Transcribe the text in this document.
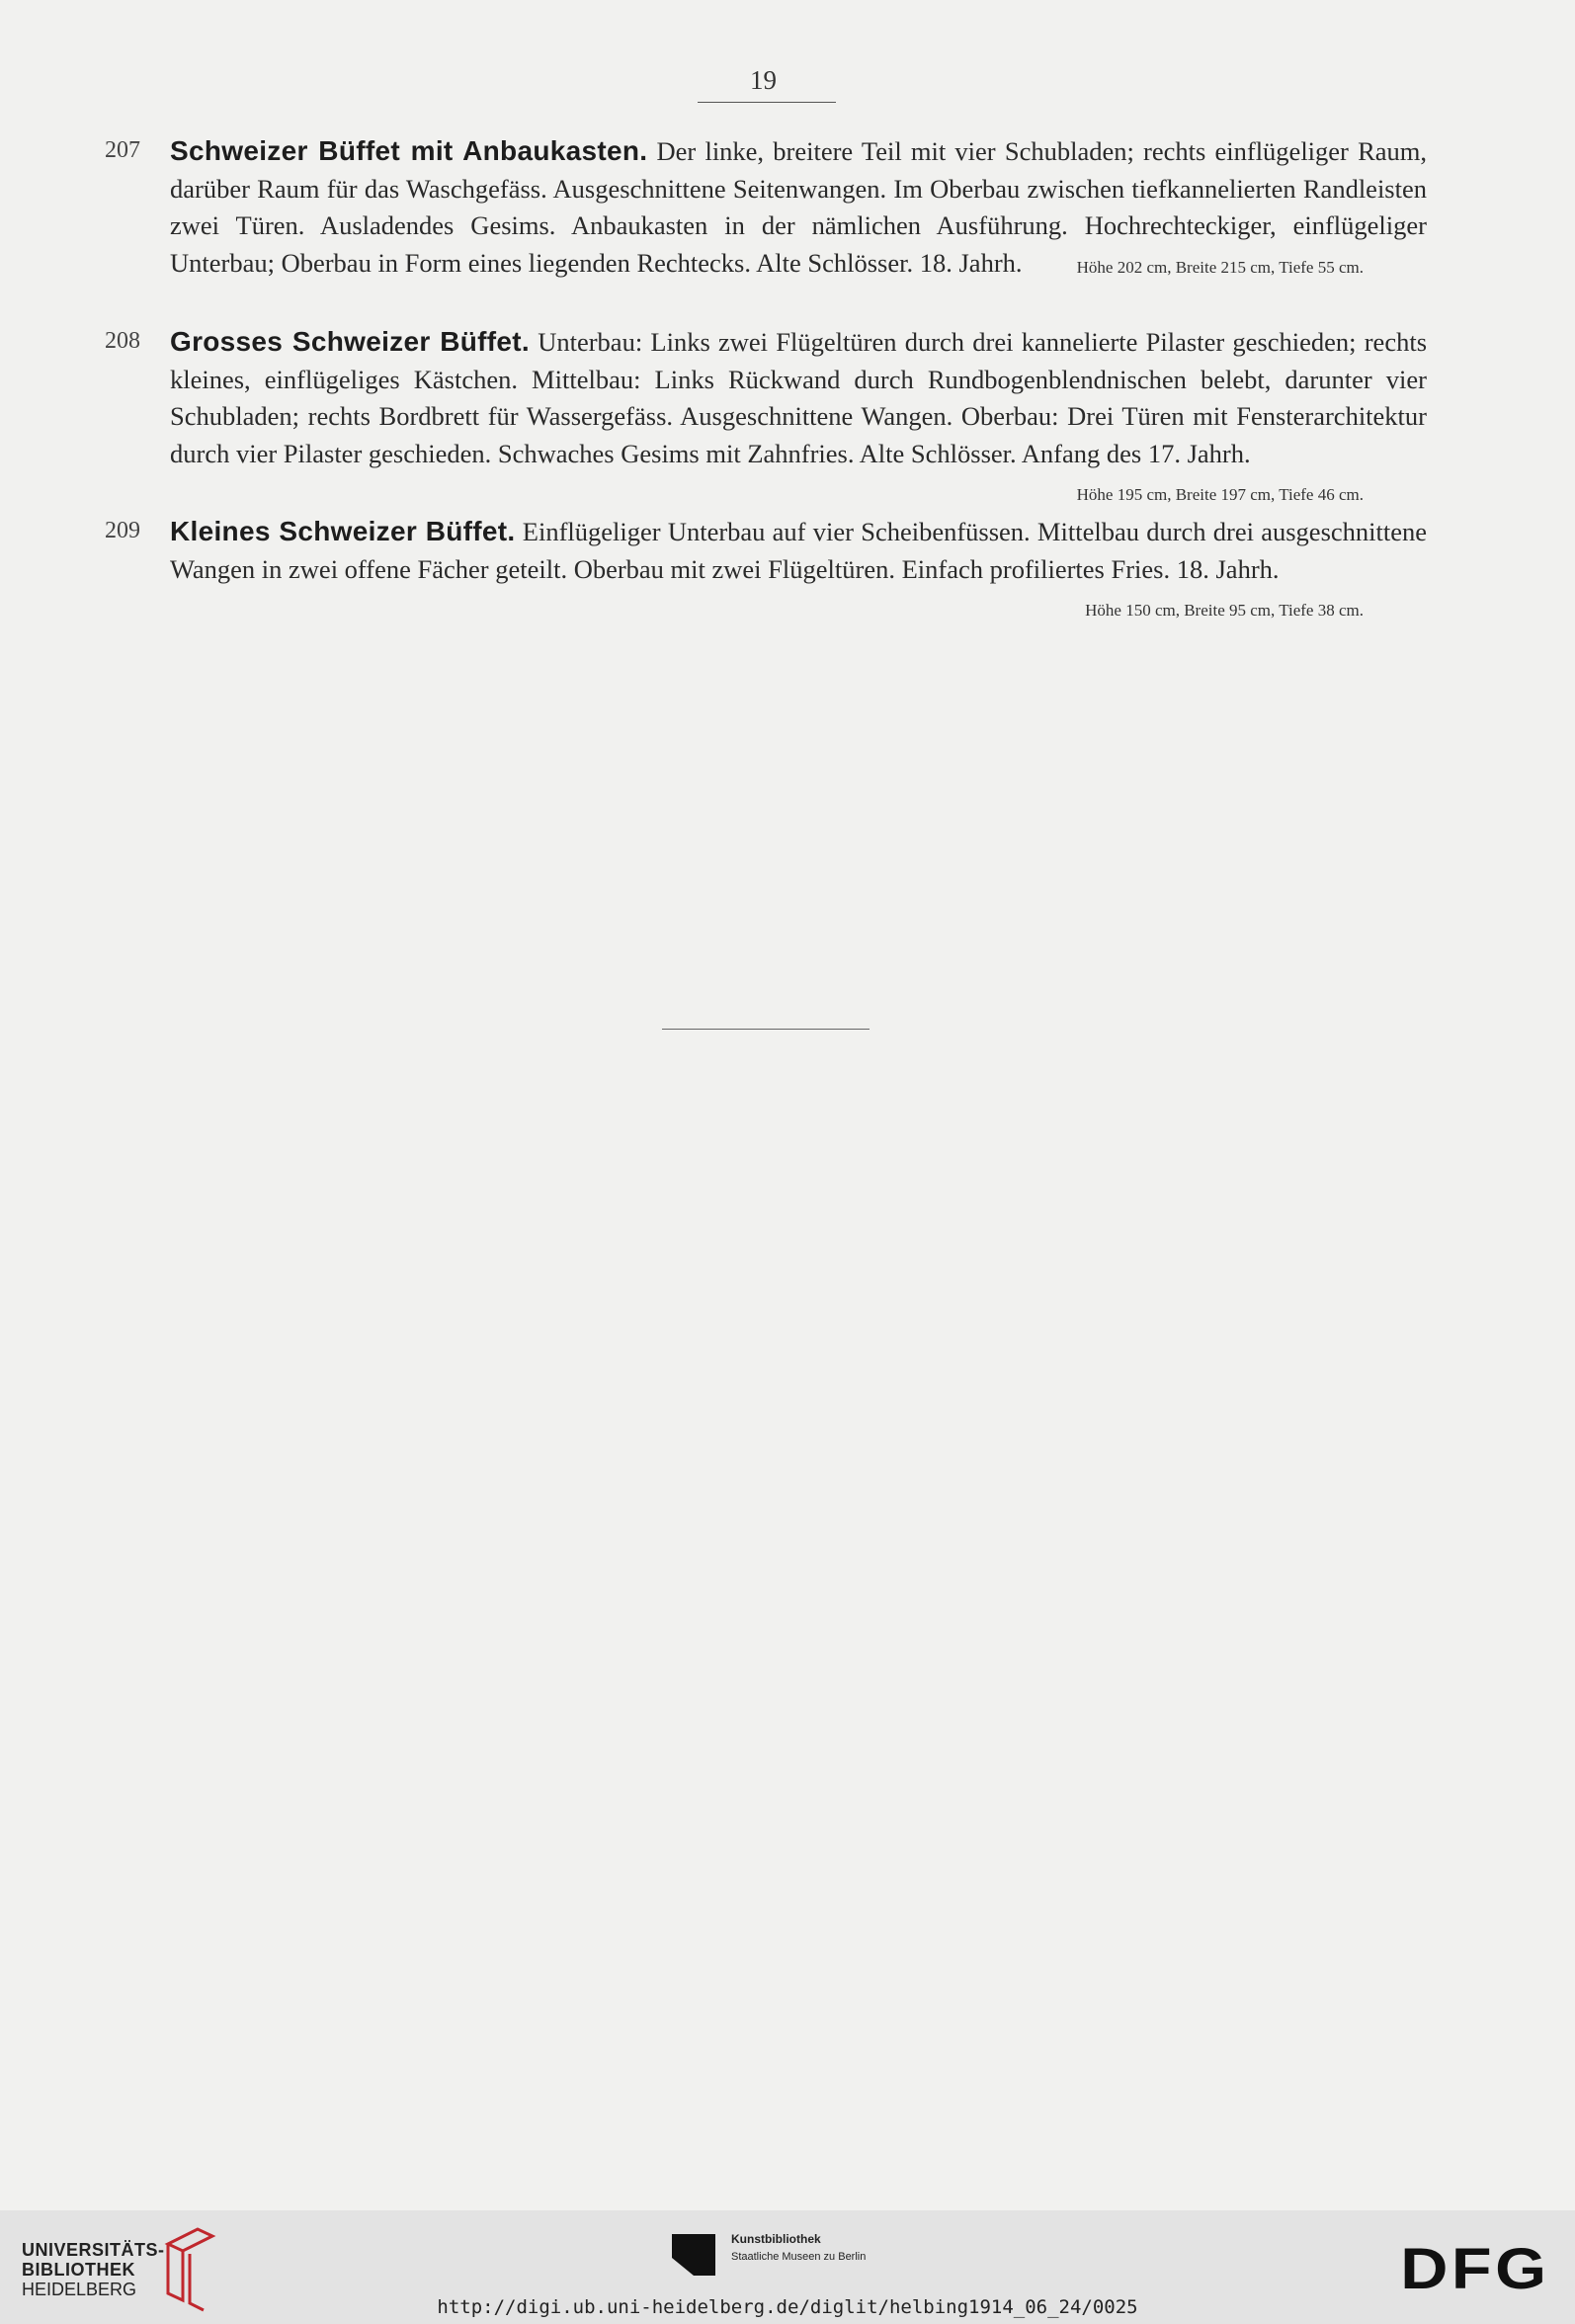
19
207 Schweizer Büffet mit Anbaukasten. Der linke, breitere Teil mit vier Schubladen; rechts einflügeliger Raum, darüber Raum für das Waschgefäss. Ausgeschnittene Seitenwangen. Im Oberbau zwischen tiefkannelierten Randleisten zwei Türen. Ausladendes Gesims. Anbaukasten in der nämlichen Ausführung. Hochrechteckiger, einflügeliger Unterbau; Oberbau in Form eines liegenden Rechtecks. Alte Schlösser. 18. Jahrh.	Höhe 202 cm, Breite 215 cm, Tiefe 55 cm.
208 Grosses Schweizer Büffet. Unterbau: Links zwei Flügeltüren durch drei kannelierte Pilaster geschieden; rechts kleines, einflügeliges Kästchen. Mittelbau: Links Rückwand durch Rundbogenblendnischen belebt, darunter vier Schubladen; rechts Bordbrett für Wassergefäss. Ausgeschnittene Wangen. Oberbau: Drei Türen mit Fensterarchitektur durch vier Pilaster geschieden. Schwaches Gesims mit Zahnfries. Alte Schlösser. Anfang des 17. Jahrh.
Höhe 195 cm, Breite 197 cm, Tiefe 46 cm.
209 Kleines Schweizer Büffet. Einflügeliger Unterbau auf vier Scheibenfüssen. Mittelbau durch drei ausgeschnittene Wangen in zwei offene Fächer geteilt. Oberbau mit zwei Flügeltüren. Einfach profiliertes Fries. 18. Jahrh.
Höhe 150 cm, Breite 95 cm, Tiefe 38 cm.
UNIVERSITÄTS-
BIBLIOTHEK
HEIDELBERG
Kunstbibliothek
Staatliche Museen zu Berlin	DFG
http://digi.ub.uni-heidelberg.de/diglit/helbing1914_06_24/0025
